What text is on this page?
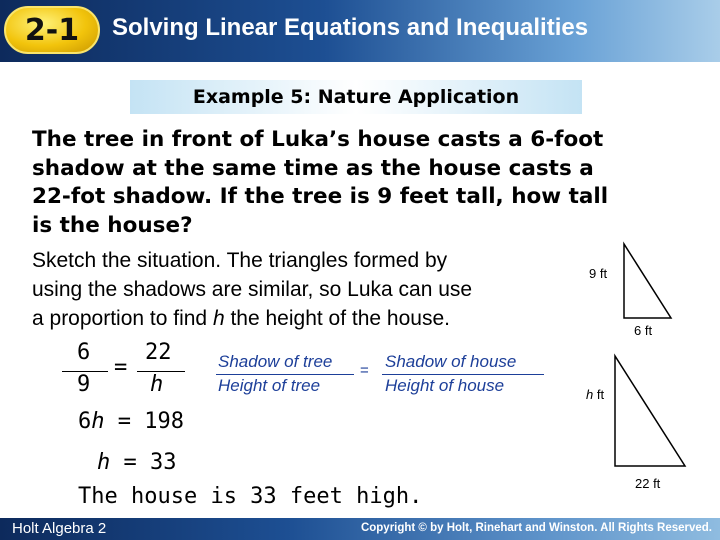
2-1	Solving Linear Equations and Inequalities
Example 5: Nature Application
The tree in front of Luka’s house casts a 6-foot
shadow at the same time as the house casts a
22-fot shadow. If the tree is 9 feet tall, how tall
is the house?
Sketch the situation. The triangles formed by
using the shadows are similar, so Luka can use
a proportion to find h the height of the house.
6
9
=
22
h
Shadow of tree
Height of tree
= Shadow of house
Height of house
6h = 198
h = 33
The house is 33 feet high.
9 ft
6 ft
h ft
22 ft
Holt Algebra 2	Copyright © by Holt, Rinehart and Winston. All Rights Reserved.
